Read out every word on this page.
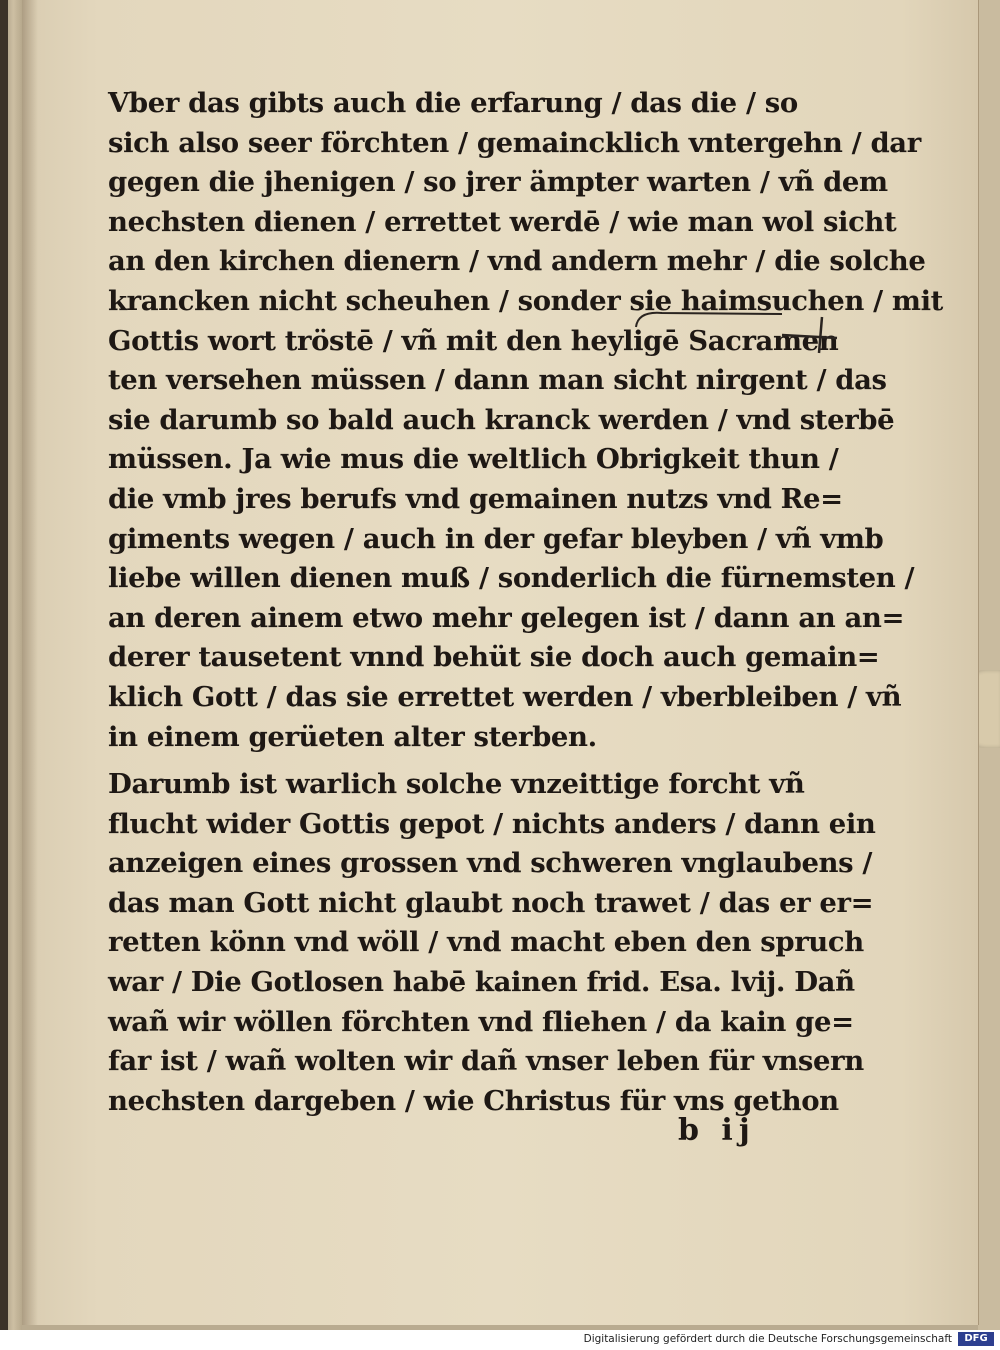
Vber das gibts auch die erfarung / das die / so
sich also seer förchten / gemaincklich vntergehn / dar
gegen die jhenigen / so jrer ämpter warten / vñ dem
nechsten dienen / errettet werdē / wie man wol sicht
an den kirchen dienern / vnd andern mehr / die solche
krancken nicht scheuhen / sonder sie haimsuchen / mit
Gottis wort tröstē / vñ mit den heyligē Sacramen
ten versehen müssen / dann man sicht nirgent / das
sie darumb so bald auch kranck werden / vnd sterbē
müssen. Ja wie mus die weltlich Obrigkeit thun /
die vmb jres berufs vnd gemainen nutzs vnd Re=
giments wegen / auch in der gefar bleyben / vñ vmb
liebe willen dienen muß / sonderlich die fürnemsten /
an deren ainem etwo mehr gelegen ist / dann an an=
derer tausetent vnnd behüt sie doch auch gemain=
klich Gott / das sie errettet werden / vberbleiben / vñ
in einem gerüeten alter sterben.
Darumb ist warlich solche vnzeittige forcht vñ
flucht wider Gottis gepot / nichts anders / dann ein
anzeigen eines grossen vnd schweren vnglaubens /
das man Gott nicht glaubt noch trawet / das er er=
retten könn vnd wöll / vnd macht eben den spruch
war / Die Gotlosen habē kainen frid. Esa. lvij. Dañ
wañ wir wöllen förchten vnd fliehen / da kain ge=
far ist / wañ wolten wir dañ vnser leben für vnsern
nechsten dargeben / wie Christus für vns gethon
b ij
Digitalisierung gefördert durch die Deutsche Forschungsgemeinschaft	DFG
